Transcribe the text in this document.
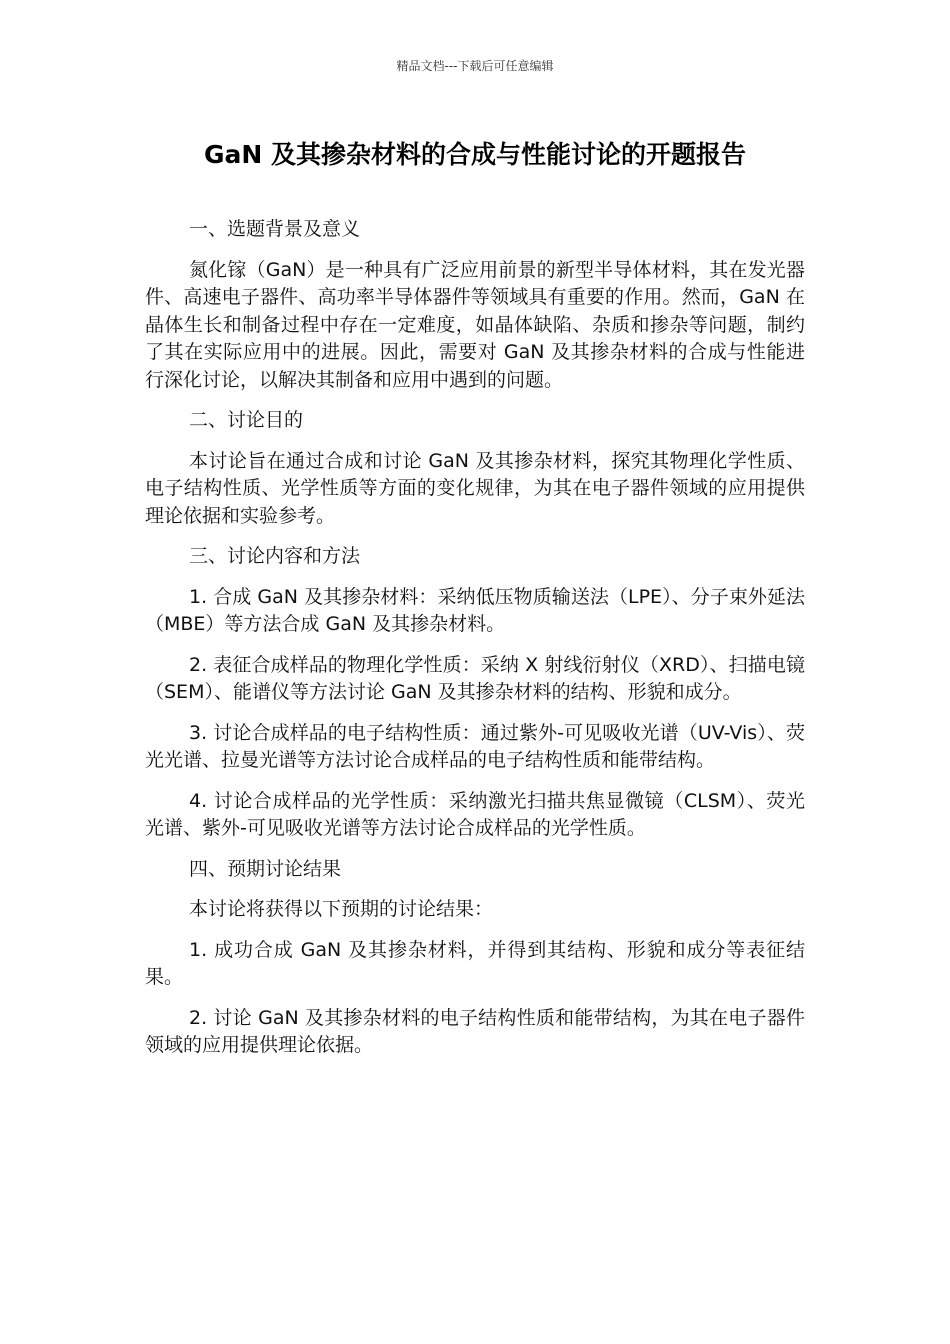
精品文档---下载后可任意编辑
GaN 及其掺杂材料的合成与性能讨论的开题报告

一、选题背景及意义

氮化镓（GaN）是一种具有广泛应用前景的新型半导体材料，其在发光器件、高速电子器件、高功率半导体器件等领域具有重要的作用。然而，GaN 在晶体生长和制备过程中存在一定难度，如晶体缺陷、杂质和掺杂等问题，制约了其在实际应用中的进展。因此，需要对 GaN 及其掺杂材料的合成与性能进行深化讨论，以解决其制备和应用中遇到的问题。

二、讨论目的

本讨论旨在通过合成和讨论 GaN 及其掺杂材料，探究其物理化学性质、电子结构性质、光学性质等方面的变化规律，为其在电子器件领域的应用提供理论依据和实验参考。

三、讨论内容和方法

1. 合成 GaN 及其掺杂材料：采纳低压物质输送法（LPE）、分子束外延法（MBE）等方法合成 GaN 及其掺杂材料。

2. 表征合成样品的物理化学性质：采纳 X 射线衍射仪（XRD）、扫描电镜（SEM）、能谱仪等方法讨论 GaN 及其掺杂材料的结构、形貌和成分。

3. 讨论合成样品的电子结构性质：通过紫外-可见吸收光谱（UV-Vis）、荧光光谱、拉曼光谱等方法讨论合成样品的电子结构性质和能带结构。

4. 讨论合成样品的光学性质：采纳激光扫描共焦显微镜（CLSM）、荧光光谱、紫外-可见吸收光谱等方法讨论合成样品的光学性质。

四、预期讨论结果

本讨论将获得以下预期的讨论结果：

1. 成功合成 GaN 及其掺杂材料，并得到其结构、形貌和成分等表征结果。

2. 讨论 GaN 及其掺杂材料的电子结构性质和能带结构，为其在电子器件领域的应用提供理论依据。
